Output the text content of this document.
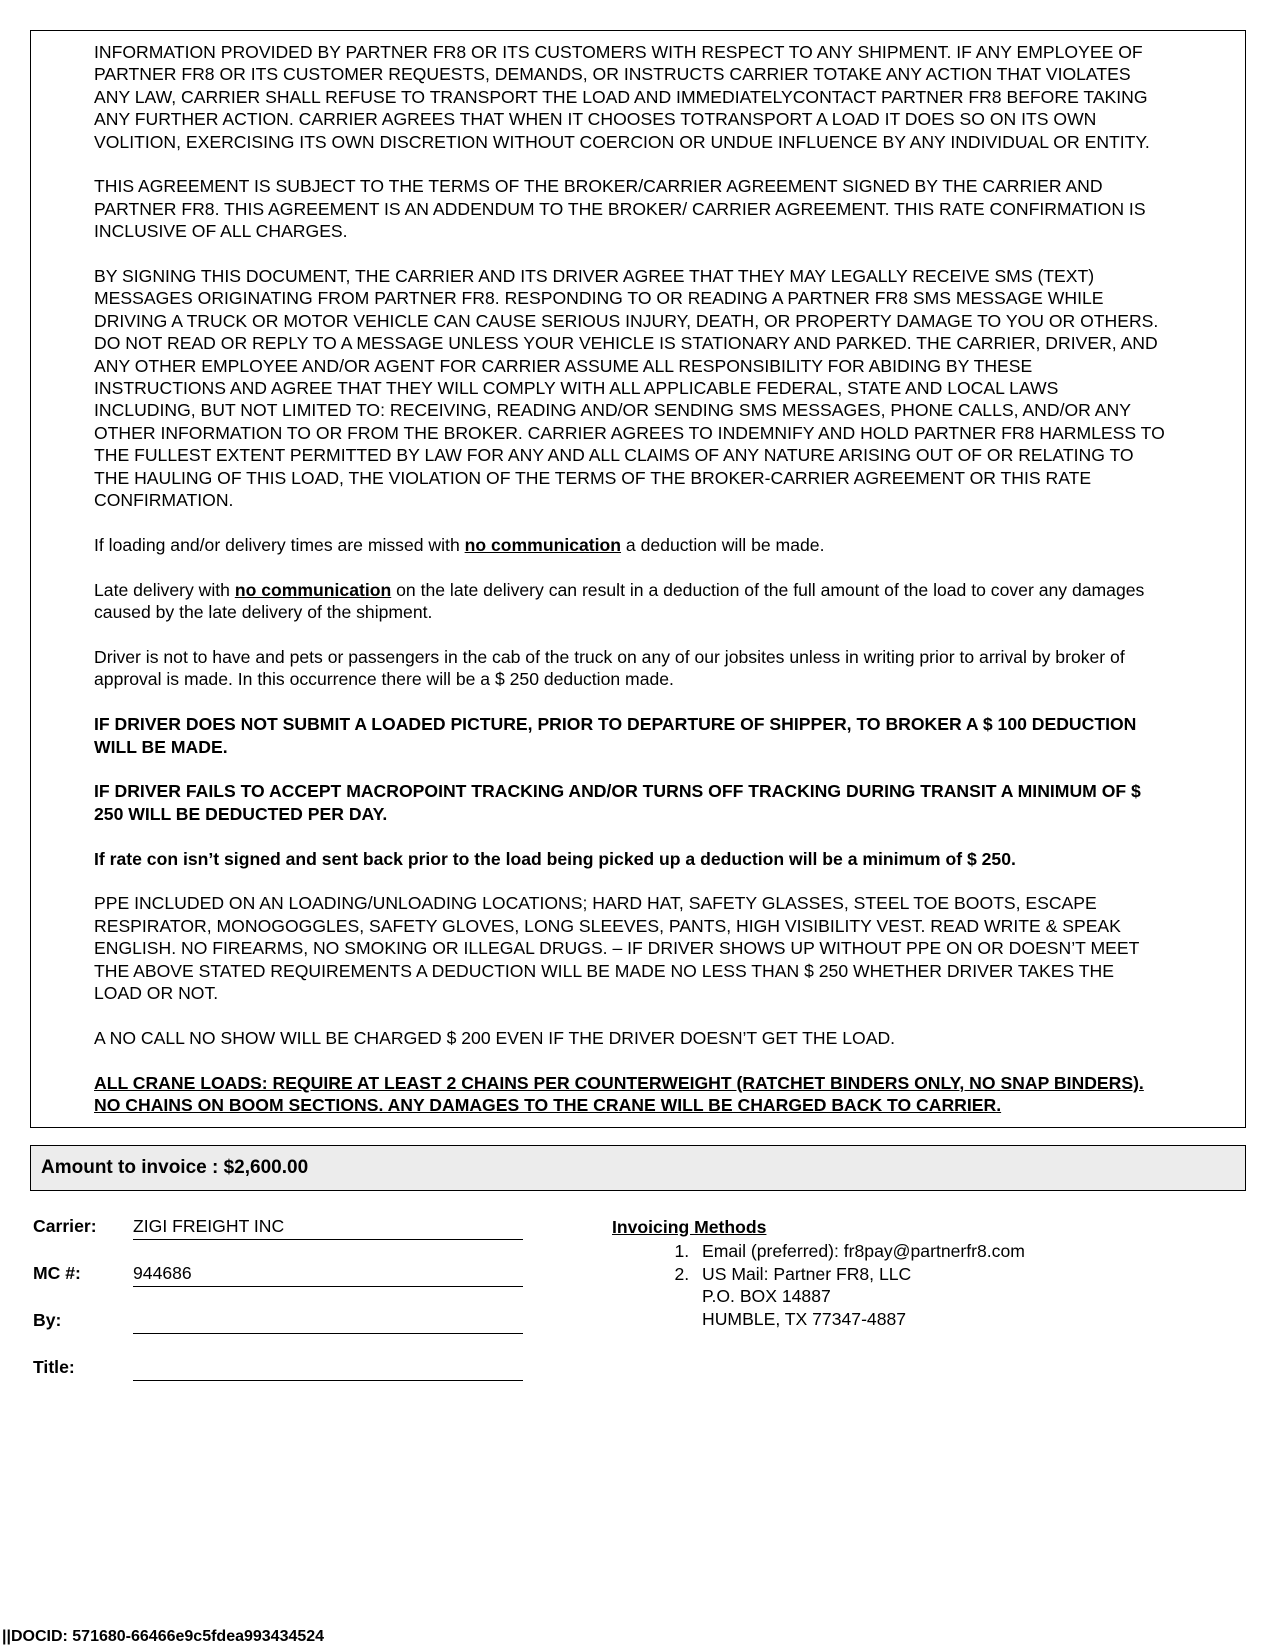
INFORMATION PROVIDED BY PARTNER FR8 OR ITS CUSTOMERS WITH RESPECT TO ANY SHIPMENT. IF ANY EMPLOYEE OF
PARTNER FR8 OR ITS CUSTOMER REQUESTS, DEMANDS, OR INSTRUCTS CARRIER TOTAKE ANY ACTION THAT VIOLATES
ANY LAW, CARRIER SHALL REFUSE TO TRANSPORT THE LOAD AND IMMEDIATELYCONTACT PARTNER FR8 BEFORE TAKING
ANY FURTHER ACTION. CARRIER AGREES THAT WHEN IT CHOOSES TOTRANSPORT A LOAD IT DOES SO ON ITS OWN
VOLITION, EXERCISING ITS OWN DISCRETION WITHOUT COERCION OR UNDUE INFLUENCE BY ANY INDIVIDUAL OR ENTITY.

THIS AGREEMENT IS SUBJECT TO THE TERMS OF THE BROKER/CARRIER AGREEMENT SIGNED BY THE CARRIER AND
PARTNER FR8. THIS AGREEMENT IS AN ADDENDUM TO THE BROKER/ CARRIER AGREEMENT. THIS RATE CONFIRMATION IS
INCLUSIVE OF ALL CHARGES.

BY SIGNING THIS DOCUMENT, THE CARRIER AND ITS DRIVER AGREE THAT THEY MAY LEGALLY RECEIVE SMS (TEXT)
MESSAGES ORIGINATING FROM PARTNER FR8. RESPONDING TO OR READING A PARTNER FR8 SMS MESSAGE WHILE
DRIVING A TRUCK OR MOTOR VEHICLE CAN CAUSE SERIOUS INJURY, DEATH, OR PROPERTY DAMAGE TO YOU OR OTHERS.
DO NOT READ OR REPLY TO A MESSAGE UNLESS YOUR VEHICLE IS STATIONARY AND PARKED. THE CARRIER, DRIVER, AND
ANY OTHER EMPLOYEE AND/OR AGENT FOR CARRIER ASSUME ALL RESPONSIBILITY FOR ABIDING BY THESE
INSTRUCTIONS AND AGREE THAT THEY WILL COMPLY WITH ALL APPLICABLE FEDERAL, STATE AND LOCAL LAWS
INCLUDING, BUT NOT LIMITED TO: RECEIVING, READING AND/OR SENDING SMS MESSAGES, PHONE CALLS, AND/OR ANY
OTHER INFORMATION TO OR FROM THE BROKER. CARRIER AGREES TO INDEMNIFY AND HOLD PARTNER FR8 HARMLESS TO
THE FULLEST EXTENT PERMITTED BY LAW FOR ANY AND ALL CLAIMS OF ANY NATURE ARISING OUT OF OR RELATING TO
THE HAULING OF THIS LOAD, THE VIOLATION OF THE TERMS OF THE BROKER-CARRIER AGREEMENT OR THIS RATE
CONFIRMATION.

If loading and/or delivery times are missed with no communication a deduction will be made.

Late delivery with no communication on the late delivery can result in a deduction of the full amount of the load to cover any damages
caused by the late delivery of the shipment.

Driver is not to have and pets or passengers in the cab of the truck on any of our jobsites unless in writing prior to arrival by broker of
approval is made. In this occurrence there will be a $ 250 deduction made.

IF DRIVER DOES NOT SUBMIT A LOADED PICTURE, PRIOR TO DEPARTURE OF SHIPPER, TO BROKER A $ 100 DEDUCTION
WILL BE MADE.

IF DRIVER FAILS TO ACCEPT MACROPOINT TRACKING AND/OR TURNS OFF TRACKING DURING TRANSIT A MINIMUM OF $
250 WILL BE DEDUCTED PER DAY.

If rate con isn’t signed and sent back prior to the load being picked up a deduction will be a minimum of $ 250.

PPE INCLUDED ON AN LOADING/UNLOADING LOCATIONS; HARD HAT, SAFETY GLASSES, STEEL TOE BOOTS, ESCAPE
RESPIRATOR, MONOGOGGLES, SAFETY GLOVES, LONG SLEEVES, PANTS, HIGH VISIBILITY VEST. READ WRITE & SPEAK
ENGLISH. NO FIREARMS, NO SMOKING OR ILLEGAL DRUGS. – IF DRIVER SHOWS UP WITHOUT PPE ON OR DOESN’T MEET
THE ABOVE STATED REQUIREMENTS A DEDUCTION WILL BE MADE NO LESS THAN $ 250 WHETHER DRIVER TAKES THE
LOAD OR NOT.

A NO CALL NO SHOW WILL BE CHARGED $ 200 EVEN IF THE DRIVER DOESN’T GET THE LOAD.

ALL CRANE LOADS: REQUIRE AT LEAST 2 CHAINS PER COUNTERWEIGHT (RATCHET BINDERS ONLY, NO SNAP BINDERS).
NO CHAINS ON BOOM SECTIONS. ANY DAMAGES TO THE CRANE WILL BE CHARGED BACK TO CARRIER.

Amount to invoice : $2,600.00
Carrier: ZIGI FREIGHT INC
MC #:	944686
By:
Title:
Invoicing Methods
1. Email (preferred): fr8pay@partnerfr8.com
2. US Mail: Partner FR8, LLC
P.O. BOX 14887
HUMBLE, TX 77347-4887
||DOCID: 571680-66466e9c5fdea993434524
